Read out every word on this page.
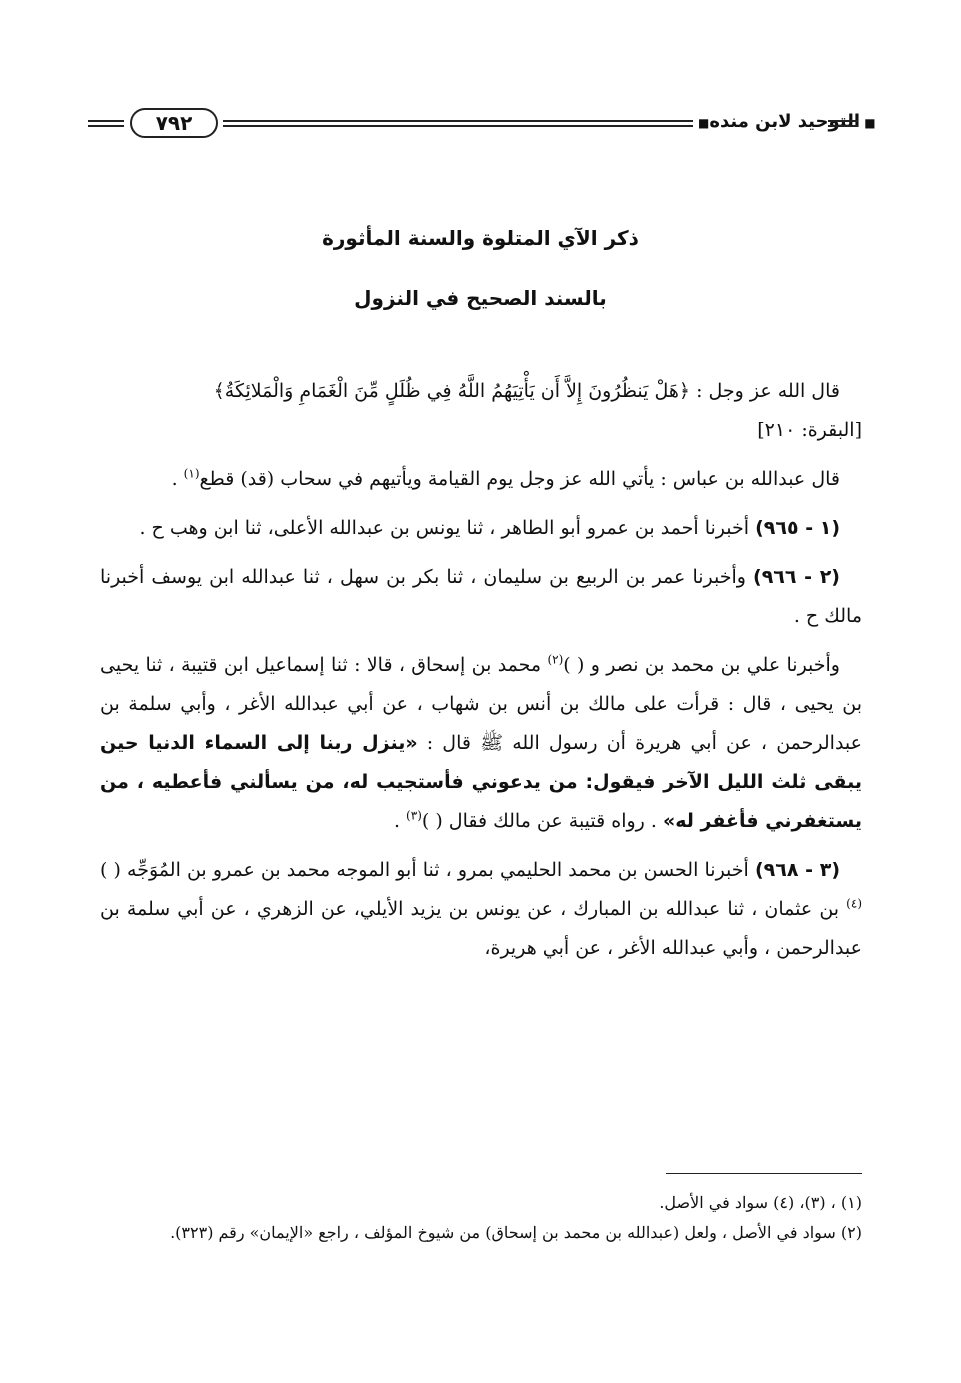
٧٩٢
■	التوحيد لابن منده ■
ذكر الآي المتلوة والسنة المأثورة
بالسند الصحيح في النزول

قال الله عز وجل : ﴿هَلْ يَنظُرُونَ إِلاَّ أَن يَأْتِيَهُمُ اللَّهُ فِي ظُلَلٍ مِّنَ الْغَمَامِ وَالْمَلائِكَةُ﴾
[البقرة: ٢١٠]

قال عبدالله بن عباس : يأتي الله عز وجل يوم القيامة ويأتيهم في سحاب (قد) قطع$^{(١)}$ .

(١ - ٩٦٥) أخبرنا أحمد بن عمرو أبو الطاهر ، ثنا يونس بن عبدالله الأعلى، ثنا ابن وهب ح .

(٢ - ٩٦٦) وأخبرنا عمر بن الربيع بن سليمان ، ثنا بكر بن سهل ، ثنا عبدالله ابن يوسف أخبرنا مالك ح .

وأخبرنا علي بن محمد بن نصر و ( )$^{(٢)}$ محمد بن إسحاق ، قالا : ثنا إسماعيل ابن قتيبة ، ثنا يحيى بن يحيى ، قال : قرأت على مالك بن أنس بن شهاب ، عن أبي عبدالله الأغر ، وأبي سلمة بن عبدالرحمن ، عن أبي هريرة أن رسول الله ﷺ قال : «ينزل ربنا إلى السماء الدنيا حين يبقى ثلث الليل الآخر فيقول: من يدعوني فأستجيب له، من يسألني فأعطيه ، من يستغفرني فأغفر له» . رواه قتيبة عن مالك فقال ( )$^{(٣)}$ .

(٣ - ٩٦٨) أخبرنا الحسن بن محمد الحليمي بمرو ، ثنا أبو الموجه محمد بن عمرو بن المُوَجِّه ( )$^{(٤)}$ بن عثمان ، ثنا عبدالله بن المبارك ، عن يونس بن يزيد الأيلي، عن الزهري ، عن أبي سلمة بن عبدالرحمن ، وأبي عبدالله الأغر ، عن أبي هريرة،

(١) ، (٣)، (٤) سواد في الأصل.

(٢) سواد في الأصل ، ولعل (عبدالله بن محمد بن إسحاق) من شيوخ المؤلف ، راجع «الإيمان» رقم (٣٢٣).
